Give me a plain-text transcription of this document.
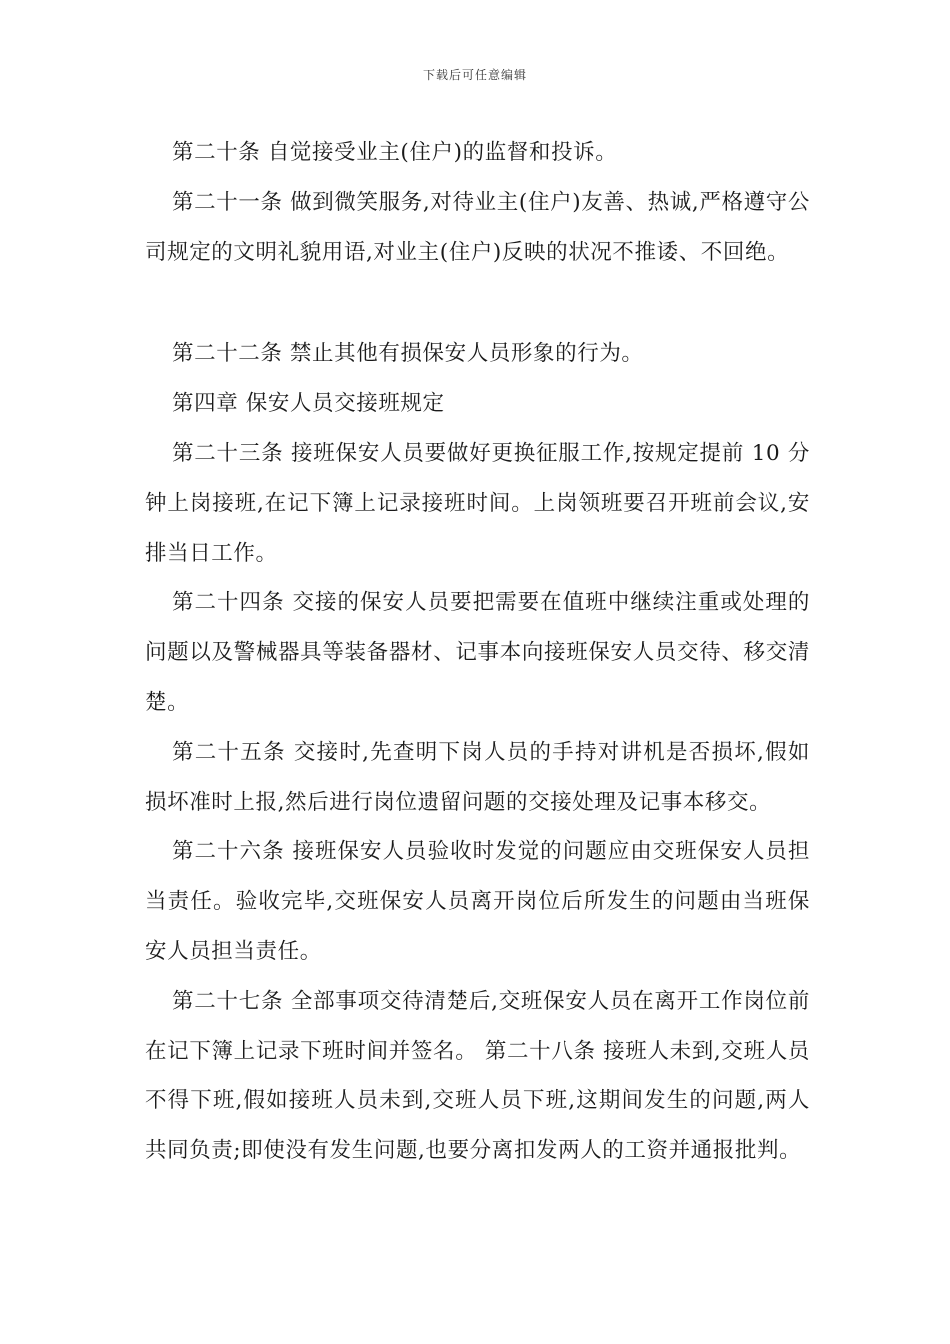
下载后可任意编辑

第二十条 自觉接受业主(住户)的监督和投诉。

第二十一条 做到微笑服务,对待业主(住户)友善、热诚,严格遵守公司规定的文明礼貌用语,对业主(住户)反映的状况不推诿、不回绝。

第二十二条 禁止其他有损保安人员形象的行为。

第四章 保安人员交接班规定

第二十三条 接班保安人员要做好更换征服工作,按规定提前 10 分钟上岗接班,在记下簿上记录接班时间。上岗领班要召开班前会议,安排当日工作。

第二十四条 交接的保安人员要把需要在值班中继续注重或处理的问题以及警械器具等装备器材、记事本向接班保安人员交待、移交清楚。

第二十五条 交接时,先查明下岗人员的手持对讲机是否损坏,假如损坏准时上报,然后进行岗位遗留问题的交接处理及记事本移交。

第二十六条 接班保安人员验收时发觉的问题应由交班保安人员担当责任。验收完毕,交班保安人员离开岗位后所发生的问题由当班保安人员担当责任。

第二十七条 全部事项交待清楚后,交班保安人员在离开工作岗位前在记下簿上记录下班时间并签名。 第二十八条 接班人未到,交班人员不得下班,假如接班人员未到,交班人员下班,这期间发生的问题,两人共同负责;即使没有发生问题,也要分离扣发两人的工资并通报批判。
